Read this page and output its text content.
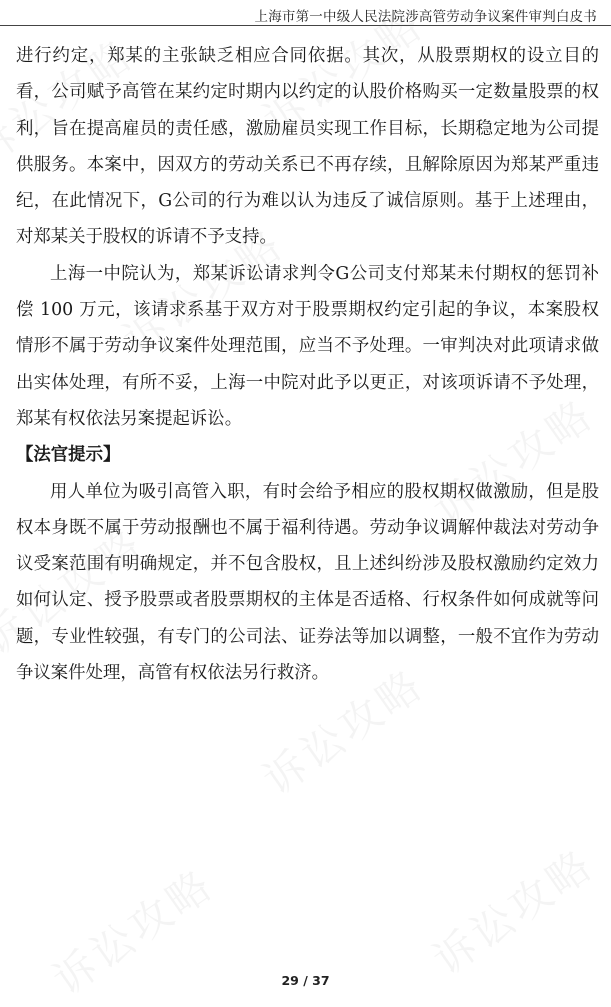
上海市第一中级人民法院涉高管劳动争议案件审判白皮书

进行约定，郑某的主张缺乏相应合同依据。其次，从股票期权的设立目的看，公司赋予高管在某约定时期内以约定的认股价格购买一定数量股票的权利，旨在提高雇员的责任感，激励雇员实现工作目标，长期稳定地为公司提供服务。本案中，因双方的劳动关系已不再存续，且解除原因为郑某严重违纪，在此情况下，G公司的行为难以认为违反了诚信原则。基于上述理由，对郑某关于股权的诉请不予支持。

上海一中院认为，郑某诉讼请求判令G公司支付郑某未付期权的惩罚补偿 100 万元，该请求系基于双方对于股票期权约定引起的争议，本案股权情形不属于劳动争议案件处理范围，应当不予处理。一审判决对此项请求做出实体处理，有所不妥，上海一中院对此予以更正，对该项诉请不予处理，郑某有权依法另案提起诉讼。

【法官提示】

用人单位为吸引高管入职，有时会给予相应的股权期权做激励，但是股权本身既不属于劳动报酬也不属于福利待遇。劳动争议调解仲裁法对劳动争议受案范围有明确规定，并不包含股权，且上述纠纷涉及股权激励约定效力如何认定、授予股票或者股票期权的主体是否适格、行权条件如何成就等问题，专业性较强，有专门的公司法、证券法等加以调整，一般不宜作为劳动争议案件处理，高管有权依法另行救济。

29 / 37
